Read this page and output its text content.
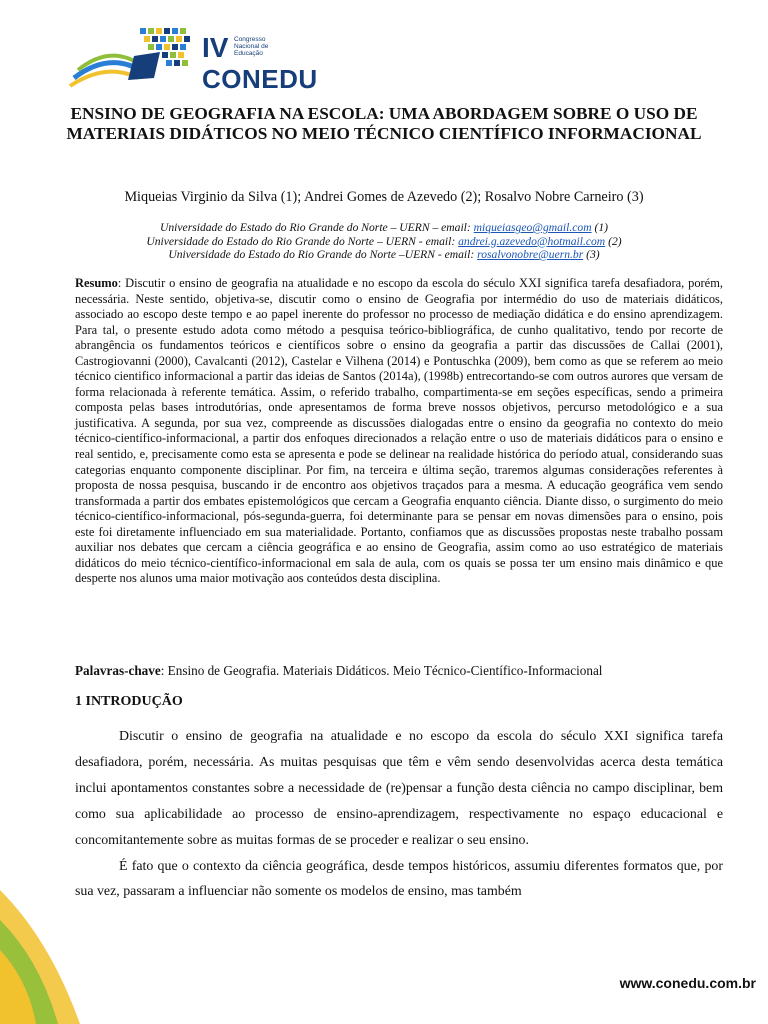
IV Congresso Nacional de Educação
CONEDU
ENSINO DE GEOGRAFIA NA ESCOLA: UMA ABORDAGEM SOBRE O USO DE MATERIAIS DIDÁTICOS NO MEIO TÉCNICO CIENTÍFICO INFORMACIONAL
Miqueias Virginio da Silva (1); Andrei Gomes de Azevedo (2); Rosalvo Nobre Carneiro (3)
Universidade do Estado do Rio Grande do Norte – UERN – email: miqueiasgeo@gmail.com (1)
Universidade do Estado do Rio Grande do Norte – UERN - email: andrei.g.azevedo@hotmail.com (2)
Universidade do Estado do Rio Grande do Norte –UERN - email: rosalvonobre@uern.br (3)
Resumo: Discutir o ensino de geografia na atualidade e no escopo da escola do século XXI significa tarefa desafiadora, porém, necessária. Neste sentido, objetiva-se, discutir como o ensino de Geografia por intermédio do uso de materiais didáticos, associado ao escopo deste tempo e ao papel inerente do professor no processo de mediação didática e do ensino aprendizagem. Para tal, o presente estudo adota como método a pesquisa teórico-bibliográfica, de cunho qualitativo, tendo por recorte de abrangência os fundamentos teóricos e científicos sobre o ensino da geografia a partir das discussões de Callai (2001), Castrogiovanni (2000), Cavalcanti (2012), Castelar e Vilhena (2014) e Pontuschka (2009), bem como as que se referem ao meio técnico cientifico informacional a partir das ideias de Santos (2014a), (1998b) entrecortando-se com outros aurores que versam de forma relacionada à referente temática. Assim, o referido trabalho, compartimenta-se em seções específicas, sendo a primeira composta pelas bases introdutórias, onde apresentamos de forma breve nossos objetivos, percurso metodológico e a sua justificativa. A segunda, por sua vez, compreende as discussões dialogadas entre o ensino da geografia no contexto do meio técnico-científico-informacional, a partir dos enfoques direcionados a relação entre o uso de materiais didáticos para o ensino e real sentido, e, precisamente como esta se apresenta e pode se delinear na realidade histórica do período atual, considerando suas categorias enquanto componente disciplinar. Por fim, na terceira e última seção, traremos algumas considerações referentes à proposta de nossa pesquisa, buscando ir de encontro aos objetivos traçados para a mesma. A educação geográfica vem sendo transformada a partir dos embates epistemológicos que cercam a Geografia enquanto ciência. Diante disso, o surgimento do meio técnico-científico-informacional, pós-segunda-guerra, foi determinante para se pensar em novas dimensões para o ensino, pois este foi diretamente influenciado em sua materialidade. Portanto, confiamos que as discussões propostas neste trabalho possam auxiliar nos debates que cercam a ciência geográfica e ao ensino de Geografia, assim como ao uso estratégico de materiais didáticos do meio técnico-científico-informacional em sala de aula, com os quais se possa ter um ensino mais dinâmico e que desperte nos alunos uma maior motivação aos conteúdos desta disciplina.
Palavras-chave: Ensino de Geografia. Materiais Didáticos. Meio Técnico-Científico-Informacional
1 INTRODUÇÃO

Discutir o ensino de geografia na atualidade e no escopo da escola do século XXI significa tarefa desafiadora, porém, necessária. As muitas pesquisas que têm e vêm sendo desenvolvidas acerca desta temática inclui apontamentos constantes sobre a necessidade de (re)pensar a função desta ciência no campo disciplinar, bem como sua aplicabilidade ao processo de ensino-aprendizagem, respectivamente no espaço educacional e concomitantemente sobre as muitas formas de se proceder e realizar o seu ensino.

É fato que o contexto da ciência geográfica, desde tempos históricos, assumiu diferentes formatos que, por sua vez, passaram a influenciar não somente os modelos de ensino, mas também

www.conedu.com.br
